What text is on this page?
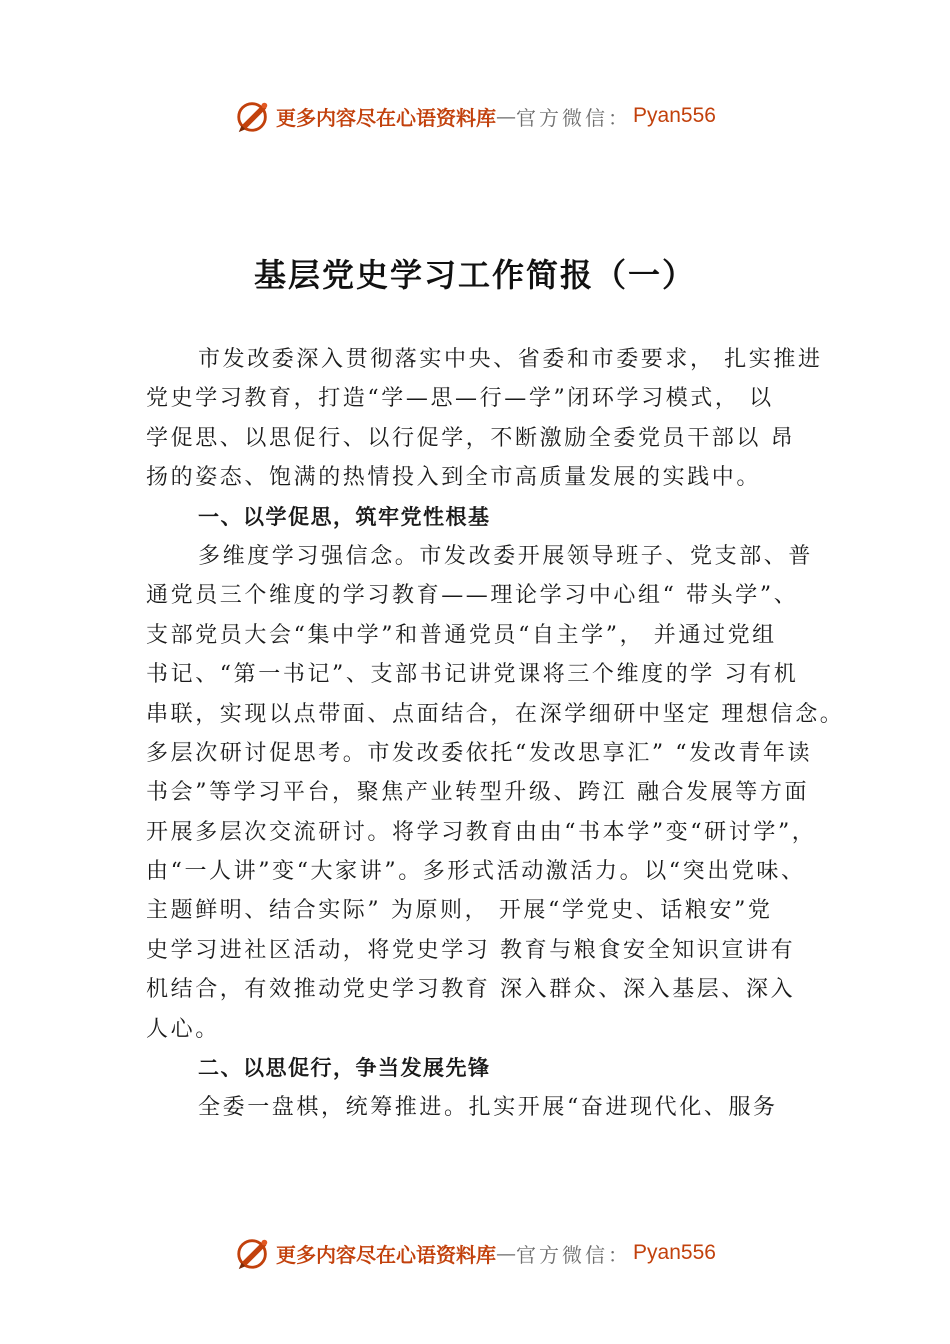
更多内容尽在心语资料库 — 官方微信： Pyan556
基层党史学习工作简报（一）
市发改委深入贯彻落实中央、省委和市委要求， 扎实推进
党史学习教育，打造“学—思—行—学”闭环学习模式， 以
学促思、以思促行、以行促学，不断激励全委党员干部以 昂
扬的姿态、饱满的热情投入到全市高质量发展的实践中。
一、以学促思，筑牢党性根基
多维度学习强信念。市发改委开展领导班子、党支部、普
通党员三个维度的学习教育——理论学习中心组“ 带头学”、
支部党员大会“集中学”和普通党员“自主学”， 并通过党组
书记、“第一书记”、支部书记讲党课将三个维度的学 习有机
串联，实现以点带面、点面结合，在深学细研中坚定 理想信念。
多层次研讨促思考。市发改委依托“发改思享汇” “发改青年读
书会”等学习平台，聚焦产业转型升级、跨江 融合发展等方面
开展多层次交流研讨。将学习教育由由“书本学”变“研讨学”，
由“一人讲”变“大家讲”。多形式活动激活力。以“突出党味、
主题鲜明、结合实际” 为原则， 开展“学党史、话粮安”党
史学习进社区活动，将党史学习 教育与粮食安全知识宣讲有
机结合，有效推动党史学习教育 深入群众、深入基层、深入
人心。
二、以思促行，争当发展先锋
全委一盘棋，统筹推进。扎实开展“奋进现代化、服务
更多内容尽在心语资料库 — 官方微信： Pyan556
